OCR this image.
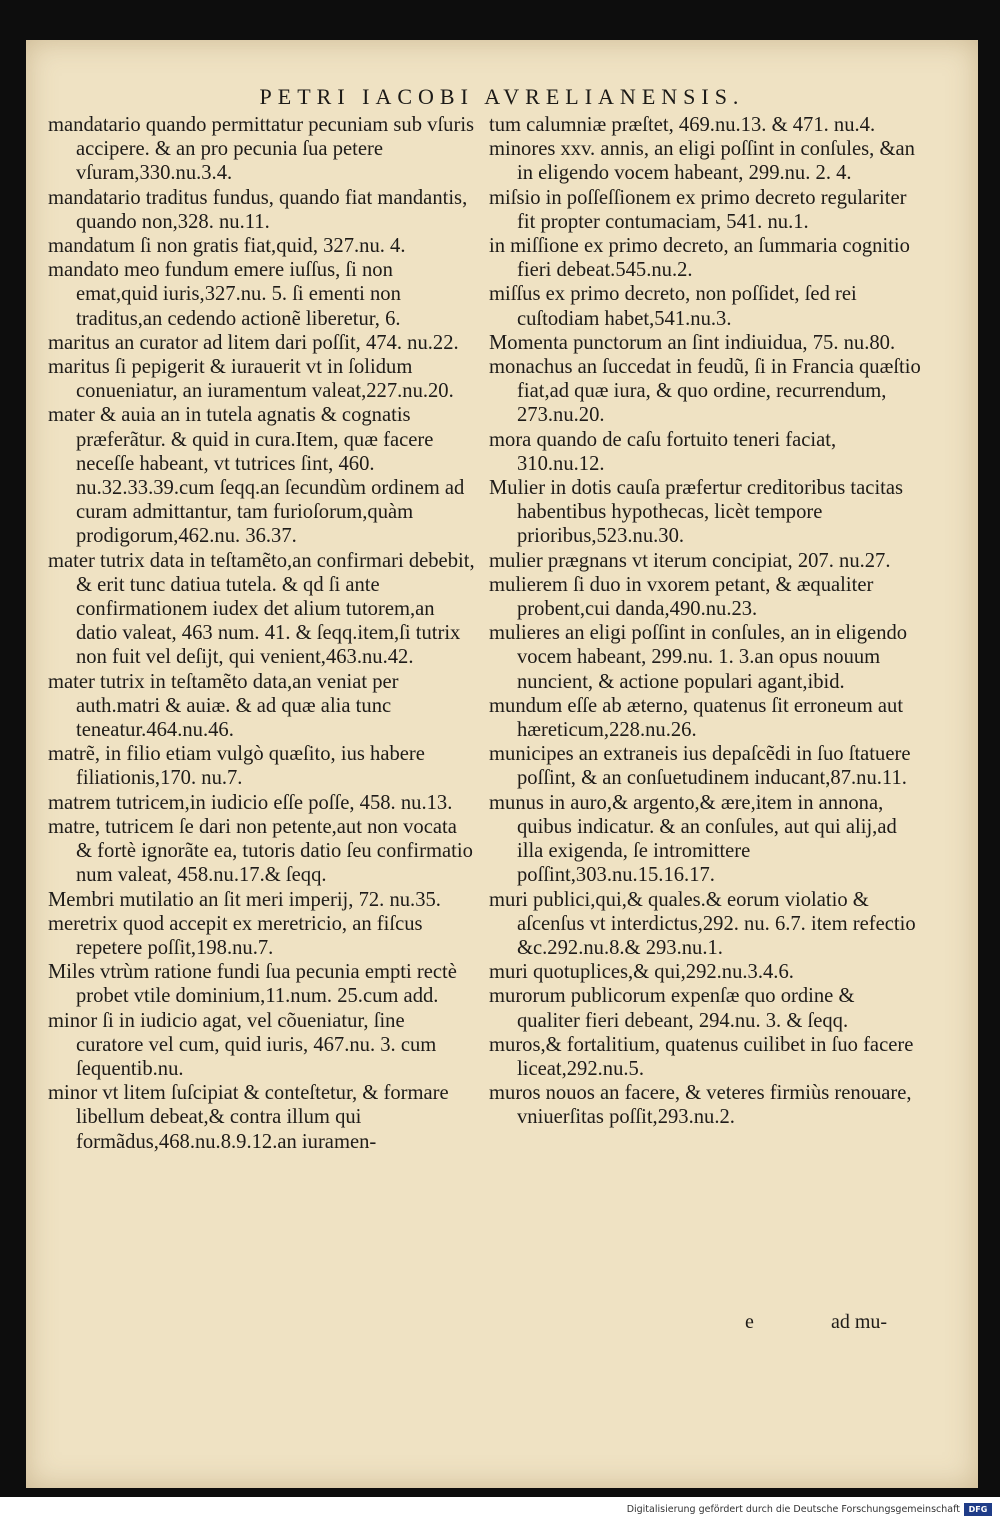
PETRI IACOBI AVRELIANENSIS.

mandatario quando permittatur pecuniam sub vſuris accipere. & an pro pecunia ſua petere vſuram,330.nu.3.4.

mandatario traditus fundus, quando fiat mandantis, quando non,328. nu.11.

mandatum ſi non gratis fiat,quid, 327.nu. 4.

mandato meo fundum emere iuſſus, ſi non emat,quid iuris,327.nu. 5. ſi ementi non traditus,an cedendo actionẽ liberetur, 6.

maritus an curator ad litem dari poſſit, 474. nu.22.

maritus ſi pepigerit & iurauerit vt in ſolidum conueniatur, an iuramentum valeat,227.nu.20.

mater & auia an in tutela agnatis & cognatis præferãtur. & quid in cura.Item, quæ facere neceſſe habeant, vt tutrices ſint, 460. nu.32.33.39.cum ſeqq.an ſecundùm ordinem ad curam admittantur, tam furioſorum,quàm prodigorum,462.nu. 36.37.

mater tutrix data in teſtamẽto,an confirmari debebit, & erit tunc datiua tutela. & qd ſi ante confirmationem iudex det alium tutorem,an datio valeat, 463 num. 41. & ſeqq.item,ſi tutrix non fuit vel deſijt, qui venient,463.nu.42.

mater tutrix in teſtamẽto data,an veniat per auth.matri & auiæ. & ad quæ alia tunc teneatur.464.nu.46.

matrẽ, in filio etiam vulgò quæſito, ius habere filiationis,170. nu.7.

matrem tutricem,in iudicio eſſe poſſe, 458. nu.13.

matre, tutricem ſe dari non petente,aut non vocata & fortè ignorãte ea, tutoris datio ſeu confirmatio num valeat, 458.nu.17.& ſeqq.

Membri mutilatio an ſit meri imperij, 72. nu.35.

meretrix quod accepit ex meretricio, an fiſcus repetere poſſit,198.nu.7.

Miles vtrùm ratione fundi ſua pecunia empti rectè probet vtile dominium,11.num. 25.cum add.

minor ſi in iudicio agat, vel cõueniatur, ſine curatore vel cum, quid iuris, 467.nu. 3. cum ſequentib.nu.

minor vt litem ſuſcipiat & conteſtetur, & formare libellum debeat,& contra illum qui formãdus,468.nu.8.9.12.an iuramen-

tum calumniæ præſtet, 469.nu.13. & 471. nu.4.

minores xxv. annis, an eligi poſſint in conſules, &an in eligendo vocem habeant, 299.nu. 2. 4.

miſsio in poſſeſſionem ex primo decreto regulariter fit propter contumaciam, 541. nu.1.

in miſſione ex primo decreto, an ſummaria cognitio fieri debeat.545.nu.2.

miſſus ex primo decreto, non poſſidet, ſed rei cuſtodiam habet,541.nu.3.

Momenta punctorum an ſint indiuidua, 75. nu.80.

monachus an ſuccedat in feudũ, ſi in Francia quæſtio fiat,ad quæ iura, & quo ordine, recurrendum, 273.nu.20.

mora quando de caſu fortuito teneri faciat, 310.nu.12.

Mulier in dotis cauſa præfertur creditoribus tacitas habentibus hypothecas, licèt tempore prioribus,523.nu.30.

mulier prægnans vt iterum concipiat, 207. nu.27.

mulierem ſi duo in vxorem petant, & æqualiter probent,cui danda,490.nu.23.

mulieres an eligi poſſint in conſules, an in eligendo vocem habeant, 299.nu. 1. 3.an opus nouum nuncient, & actione populari agant,ibid.

mundum eſſe ab æterno, quatenus ſit erroneum aut hæreticum,228.nu.26.

municipes an extraneis ius depaſcẽdi in ſuo ſtatuere poſſint, & an conſuetudinem inducant,87.nu.11.

munus in auro,& argento,& ære,item in annona, quibus indicatur. & an conſules, aut qui alij,ad illa exigenda, ſe intromittere poſſint,303.nu.15.16.17.

muri publici,qui,& quales.& eorum violatio & aſcenſus vt interdictus,292. nu. 6.7. item refectio &c.292.nu.8.& 293.nu.1.

muri quotuplices,& qui,292.nu.3.4.6.

murorum publicorum expenſæ quo ordine & qualiter fieri debeant, 294.nu. 3. & ſeqq.

muros,& fortalitium, quatenus cuilibet in ſuo facere liceat,292.nu.5.

muros nouos an facere, & veteres firmiùs renouare, vniuerſitas poſſit,293.nu.2.

e	ad mu-
Digitalisierung gefördert durch die Deutsche Forschungsgemeinschaft	DFG
